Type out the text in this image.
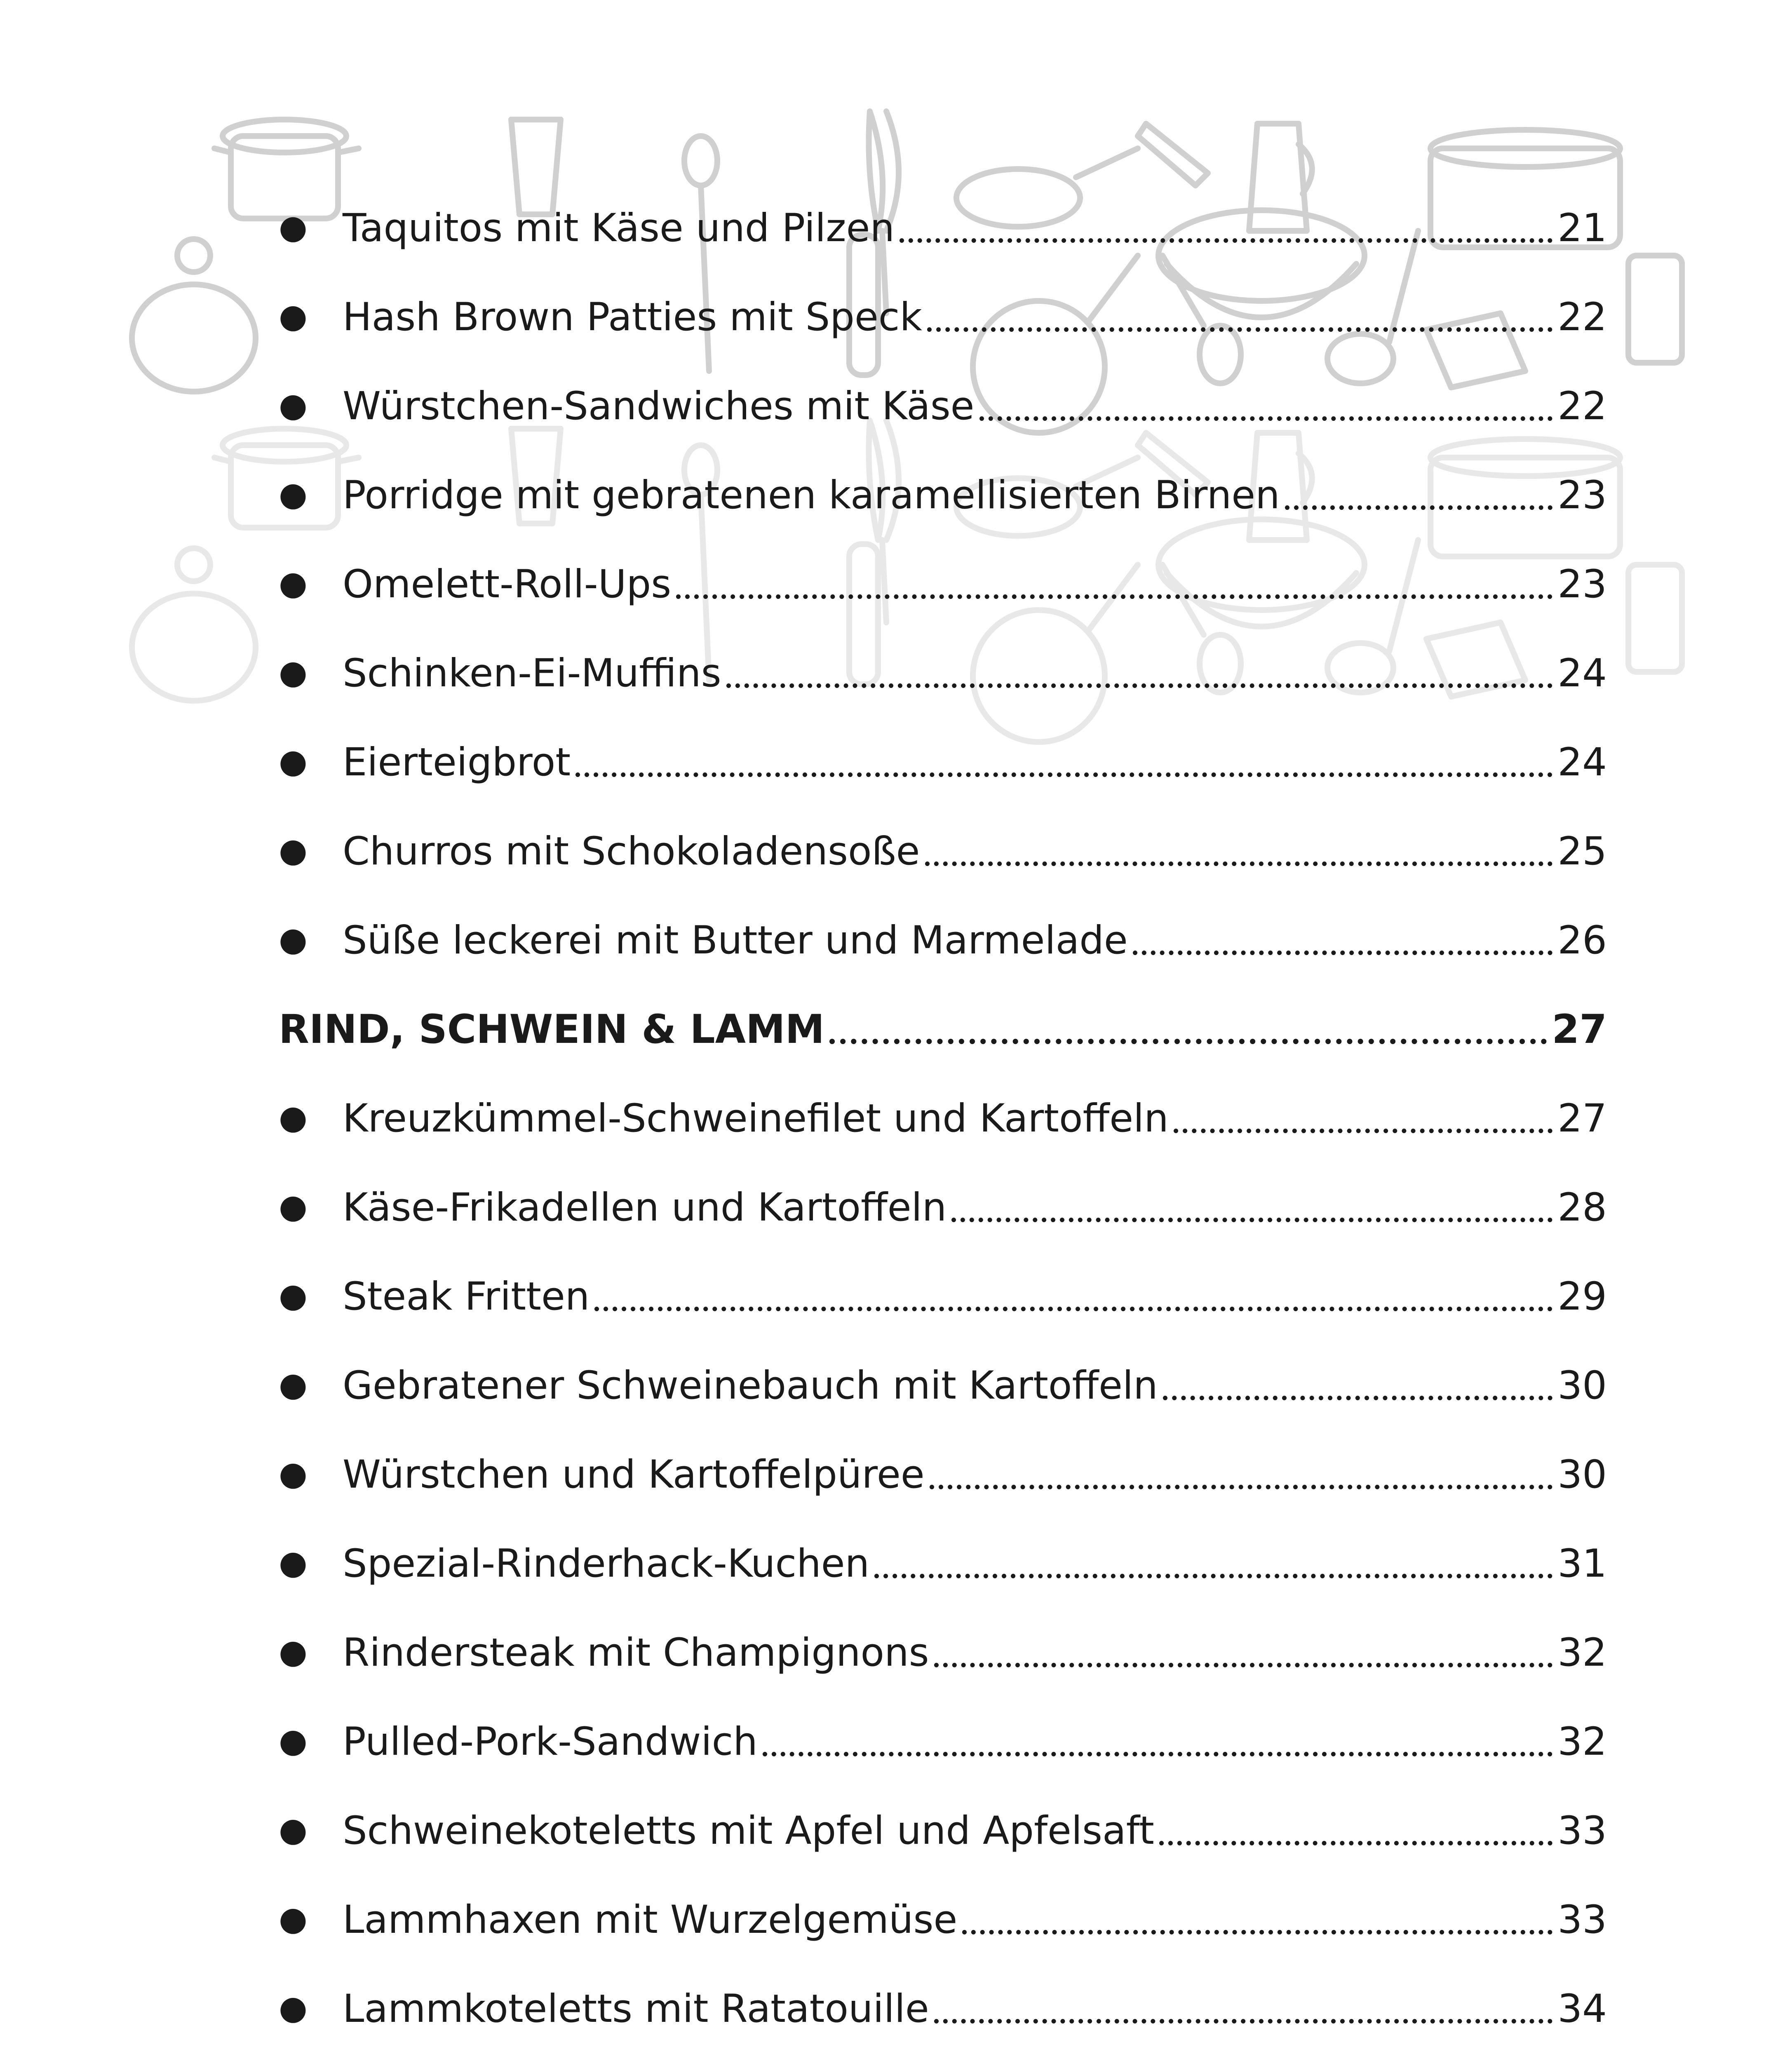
● Taquitos mit Käse und Pilzen	21
● Hash Brown Patties mit Speck	22
● Würstchen-Sandwiches mit Käse	22
● Porridge mit gebratenen karamellisierten Birnen	23
● Omelett-Roll-Ups	23
● Schinken-Ei-Muffins	24
● Eierteigbrot	24
● Churros mit Schokoladensoße	25
● Süße leckerei mit Butter und Marmelade	26
RIND, SCHWEIN & LAMM	27
● Kreuzkümmel-Schweinefilet und Kartoffeln	27
● Käse-Frikadellen und Kartoffeln	28
● Steak Fritten	29
● Gebratener Schweinebauch mit Kartoffeln	30
● Würstchen und Kartoffelpüree	30
● Spezial-Rinderhack-Kuchen	31
● Rindersteak mit Champignons	32
● Pulled-Pork-Sandwich	32
● Schweinekoteletts mit Apfel und Apfelsaft	33
● Lammhaxen mit Wurzelgemüse	33
● Lammkoteletts mit Ratatouille	34
